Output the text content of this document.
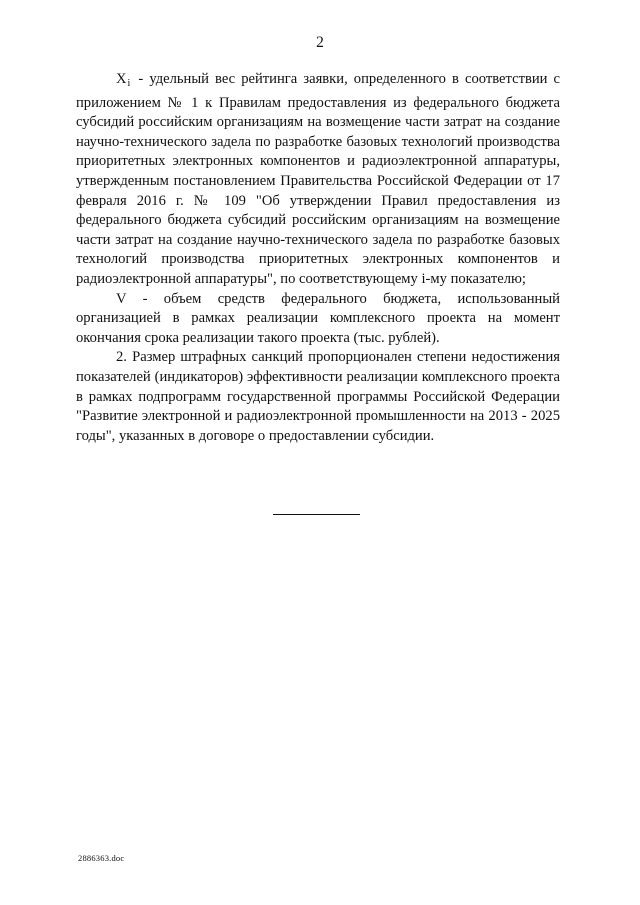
2

$X_i$ - удельный вес рейтинга заявки, определенного в соответствии с приложением № 1 к Правилам предоставления из федерального бюджета субсидий российским организациям на возмещение части затрат на создание научно-технического задела по разработке базовых технологий производства приоритетных электронных компонентов и радиоэлектронной аппаратуры, утвержденным постановлением Правительства Российской Федерации от 17 февраля 2016 г. № 109 "Об утверждении Правил предоставления из федерального бюджета субсидий российским организациям на возмещение части затрат на создание научно-технического задела по разработке базовых технологий производства приоритетных электронных компонентов и радиоэлектронной аппаратуры", по соответствующему i-му показателю;

V - объем средств федерального бюджета, использованный организацией в рамках реализации комплексного проекта на момент окончания срока реализации такого проекта (тыс. рублей).

2. Размер штрафных санкций пропорционален степени недостижения показателей (индикаторов) эффективности реализации комплексного проекта в рамках подпрограмм государственной программы Российской Федерации "Развитие электронной и радиоэлектронной промышленности на 2013 - 2025 годы", указанных в договоре о предоставлении субсидии.

2886363.doc
